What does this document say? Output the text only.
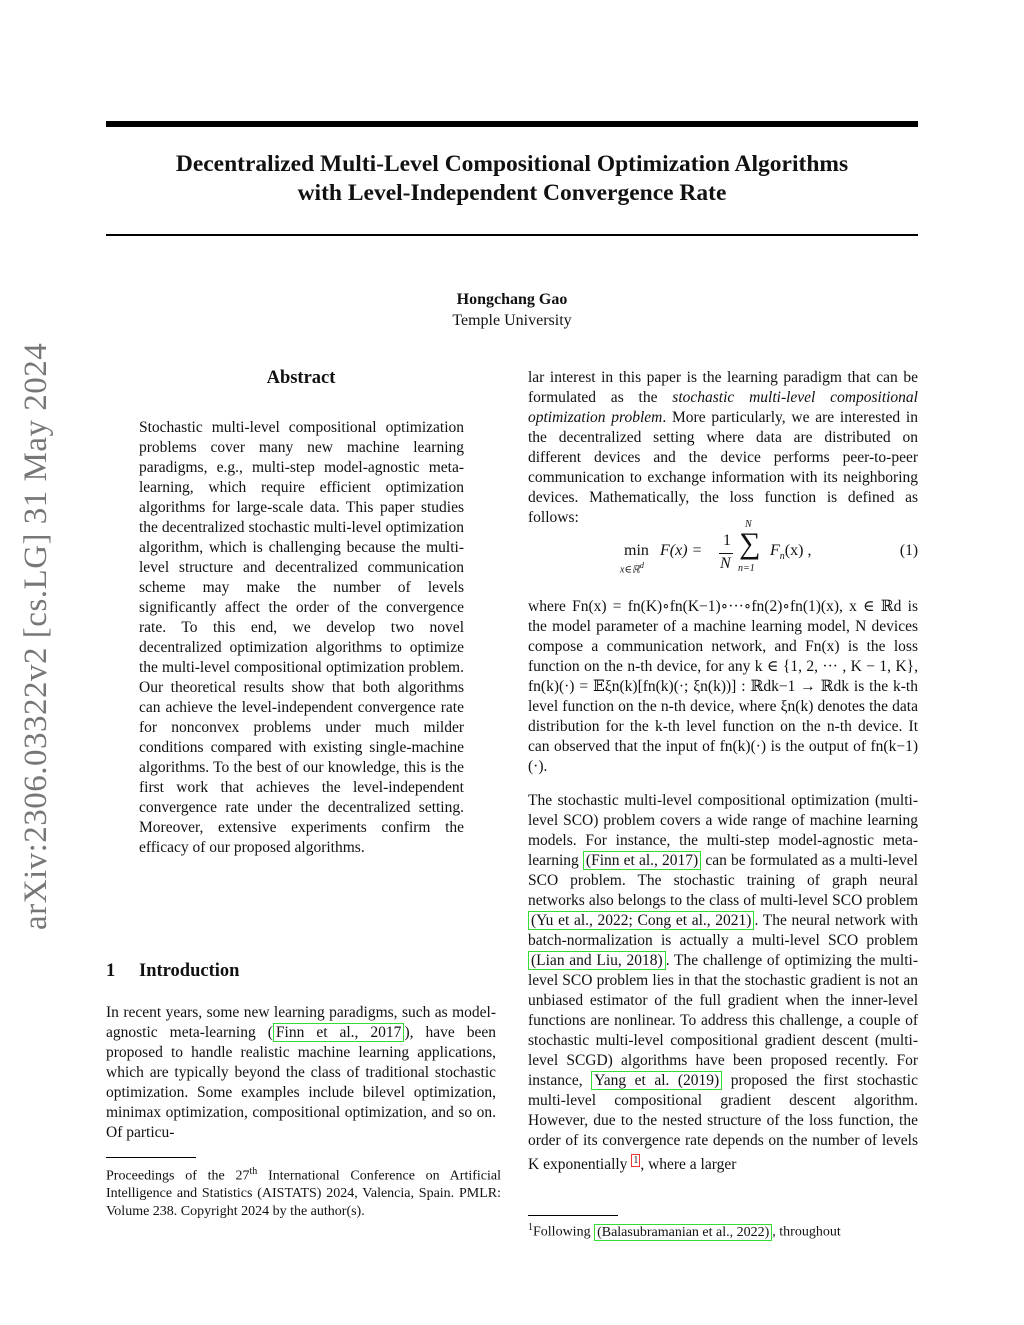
Decentralized Multi-Level Compositional Optimization Algorithms
with Level-Independent Convergence Rate
Hongchang Gao
Temple University
arXiv:2306.03322v2 [cs.LG] 31 May 2024	Abstract
Stochastic multi-level compositional optimization problems cover many new machine learning paradigms, e.g., multi-step model-agnostic meta-learning, which require efficient optimization algorithms for large-scale data. This paper studies the decentralized stochastic multi-level optimization algorithm, which is challenging because the multi-level structure and decentralized communication scheme may make the number of levels significantly affect the order of the convergence rate. To this end, we develop two novel decentralized optimization algorithms to optimize the multi-level compositional optimization problem. Our theoretical results show that both algorithms can achieve the level-independent convergence rate for nonconvex problems under much milder conditions compared with existing single-machine algorithms. To the best of our knowledge, this is the first work that achieves the level-independent convergence rate under the decentralized setting. Moreover, extensive experiments confirm the efficacy of our proposed algorithms.
1 Introduction
In recent years, some new learning paradigms, such as model-agnostic meta-learning ( Finn et al., 2017 ), have been proposed to handle realistic machine learning applications, which are typically beyond the class of traditional stochastic optimization. Some examples include bilevel optimization, minimax optimization, compositional optimization, and so on. Of particu-
Proceedings of the 27th International Conference on Artificial Intelligence and Statistics (AISTATS) 2024, Valencia, Spain. PMLR: Volume 238. Copyright 2024 by the author(s).
lar interest in this paper is the learning paradigm that can be formulated as the stochastic multi-level compositional optimization problem. More particularly, we are interested in the decentralized setting where data are distributed on different devices and the device performs peer-to-peer communication to exchange information with its neighboring devices. Mathematically, the loss function is defined as follows:
min
x∈ℝ$^d$
F(x) =
1
N
N
∑
n=1
$F_n(x)$ ,	(1)
where Fn(x) = fn(K)∘fn(K−1)∘···∘fn(2)∘fn(1)(x), x ∈ ℝd is the model parameter of a machine learning model, N devices compose a communication network, and Fn(x) is the loss function on the n-th device, for any k ∈ {1, 2, ··· , K − 1, K}, fn(k)(·) = 𝔼ξn(k)[fn(k)(·; ξn(k))] : ℝdk−1 → ℝdk is the k-th level function on the n-th device, where ξn(k) denotes the data distribution for the k-th level function on the n-th device. It can observed that the input of fn(k)(·) is the output of fn(k−1)(·).
The stochastic multi-level compositional optimization (multi-level SCO) problem covers a wide range of machine learning models. For instance, the multi-step model-agnostic meta-learning (Finn et al., 2017) can be formulated as a multi-level SCO problem. The stochastic training of graph neural networks also belongs to the class of multi-level SCO problem (Yu et al., 2022; Cong et al., 2021) . The neural network with batch-normalization is actually a multi-level SCO problem (Lian and Liu, 2018) . The challenge of optimizing the multi-level SCO problem lies in that the stochastic gradient is not an unbiased estimator of the full gradient when the inner-level functions are nonlinear. To address this challenge, a couple of stochastic multi-level compositional gradient descent (multi-level SCGD) algorithms have been proposed recently. For instance, Yang et al. (2019) proposed the first stochastic multi-level compositional gradient descent algorithm. However, due to the nested structure of the loss function, the order of its convergence rate depends on the number of levels K exponentially $^1$ , where a larger
$^1$Following (Balasubramanian et al., 2022) , throughout
